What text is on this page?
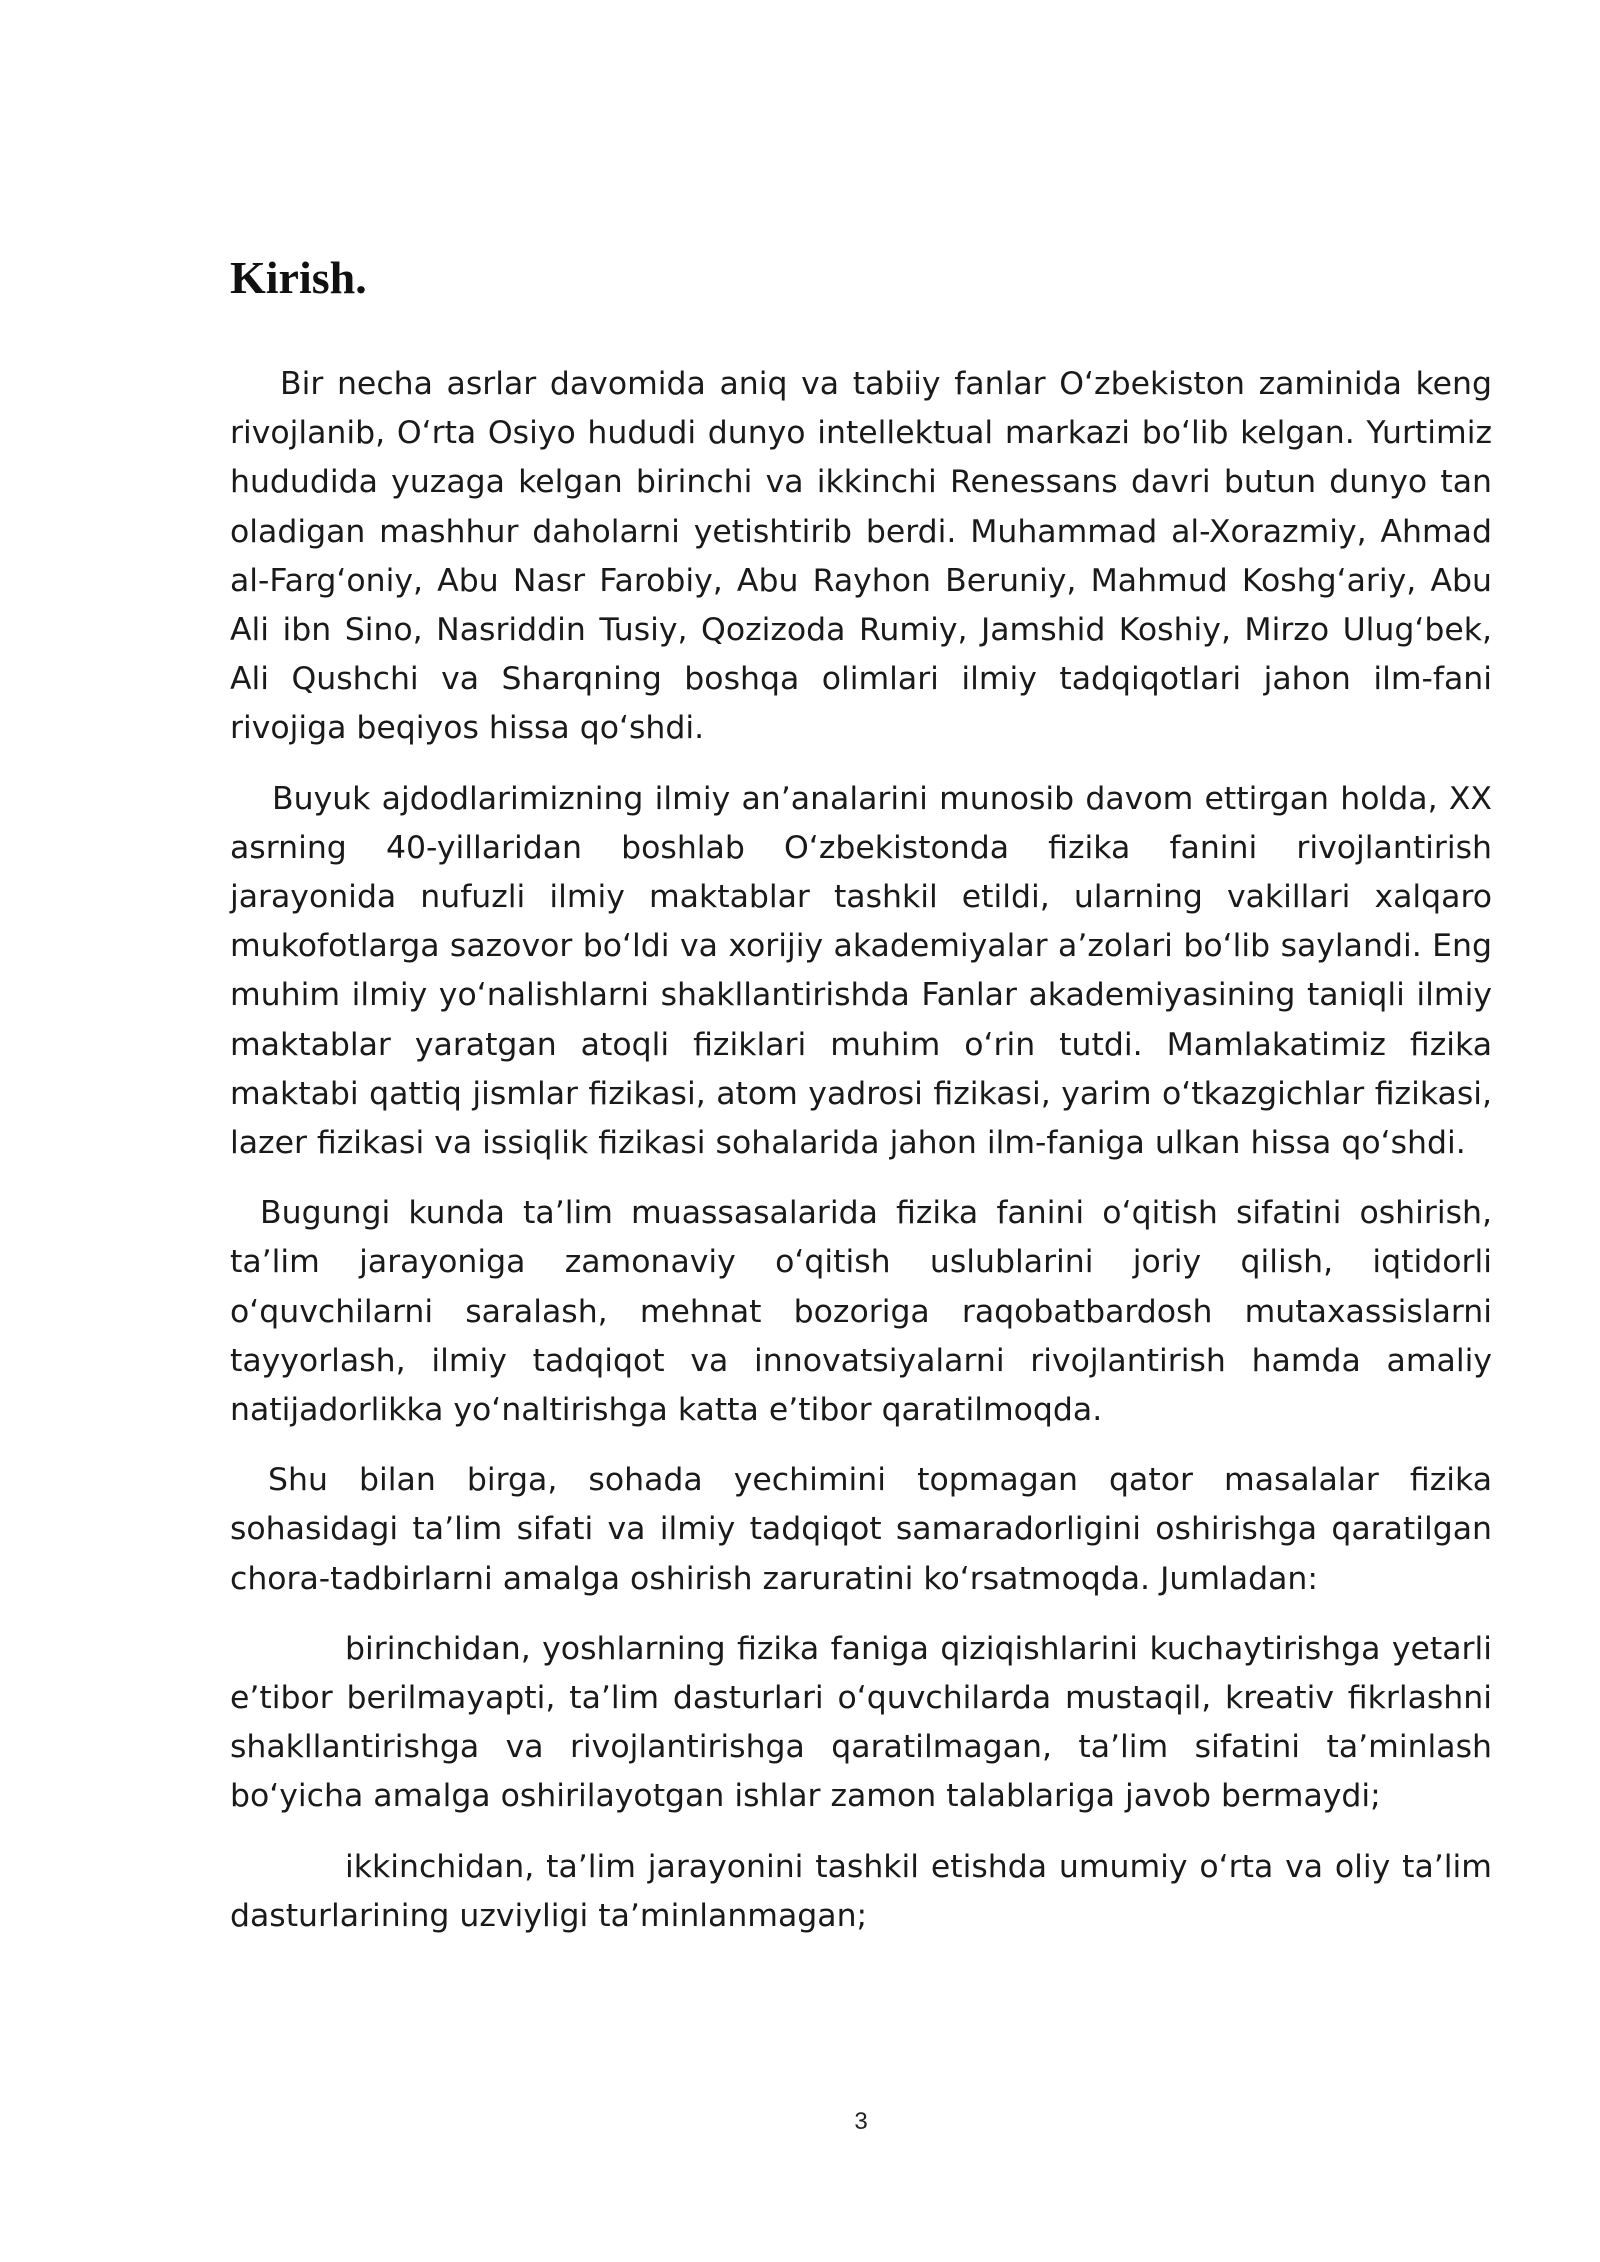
Kirish.

Bir necha asrlar davomida aniq va tabiiy fanlar O‘zbekiston zaminida keng rivojlanib, O‘rta Osiyo hududi dunyo intellektual markazi bo‘lib kelgan. Yurtimiz hududida yuzaga kelgan birinchi va ikkinchi Renessans davri butun dunyo tan oladigan mashhur daholarni yetishtirib berdi. Muhammad al-Xorazmiy, Ahmad al-Farg‘oniy, Abu Nasr Farobiy, Abu Rayhon Beruniy, Mahmud Koshg‘ariy, Abu Ali ibn Sino, Nasriddin Tusiy, Qozizoda Rumiy, Jamshid Koshiy, Mirzo Ulug‘bek, Ali Qushchi va Sharqning boshqa olimlari ilmiy tadqiqotlari jahon ilm-fani rivojiga beqiyos hissa qo‘shdi.

Buyuk ajdodlarimizning ilmiy an’analarini munosib davom ettirgan holda, XX asrning 40-yillaridan boshlab O‘zbekistonda fizika fanini rivojlantirish jarayonida nufuzli ilmiy maktablar tashkil etildi, ularning vakillari xalqaro mukofotlarga sazovor bo‘ldi va xorijiy akademiyalar a’zolari bo‘lib saylandi. Eng muhim ilmiy yo‘nalishlarni shakllantirishda Fanlar akademiyasining taniqli ilmiy maktablar yaratgan atoqli fiziklari muhim o‘rin tutdi. Mamlakatimiz fizika maktabi qattiq jismlar fizikasi, atom yadrosi fizikasi, yarim o‘tkazgichlar fizikasi, lazer fizikasi va issiqlik fizikasi sohalarida jahon ilm-faniga ulkan hissa qo‘shdi.

Bugungi kunda ta’lim muassasalarida fizika fanini o‘qitish sifatini oshirish, ta’lim jarayoniga zamonaviy o‘qitish uslublarini joriy qilish, iqtidorli o‘quvchilarni saralash, mehnat bozoriga raqobatbardosh mutaxassislarni tayyorlash, ilmiy tadqiqot va innovatsiyalarni rivojlantirish hamda amaliy natijadorlikka yo‘naltirishga katta e’tibor qaratilmoqda.

Shu bilan birga, sohada yechimini topmagan qator masalalar fizika sohasidagi ta’lim sifati va ilmiy tadqiqot samaradorligini oshirishga qaratilgan chora-tadbirlarni amalga oshirish zaruratini ko‘rsatmoqda. Jumladan:

birinchidan, yoshlarning fizika faniga qiziqishlarini kuchaytirishga yetarli e’tibor berilmayapti, ta’lim dasturlari o‘quvchilarda mustaqil, kreativ fikrlashni shakllantirishga va rivojlantirishga qaratilmagan, ta’lim sifatini ta’minlash bo‘yicha amalga oshirilayotgan ishlar zamon talablariga javob bermaydi;

ikkinchidan, ta’lim jarayonini tashkil etishda umumiy o‘rta va oliy ta’lim dasturlarining uzviyligi ta’minlanmagan;

3
